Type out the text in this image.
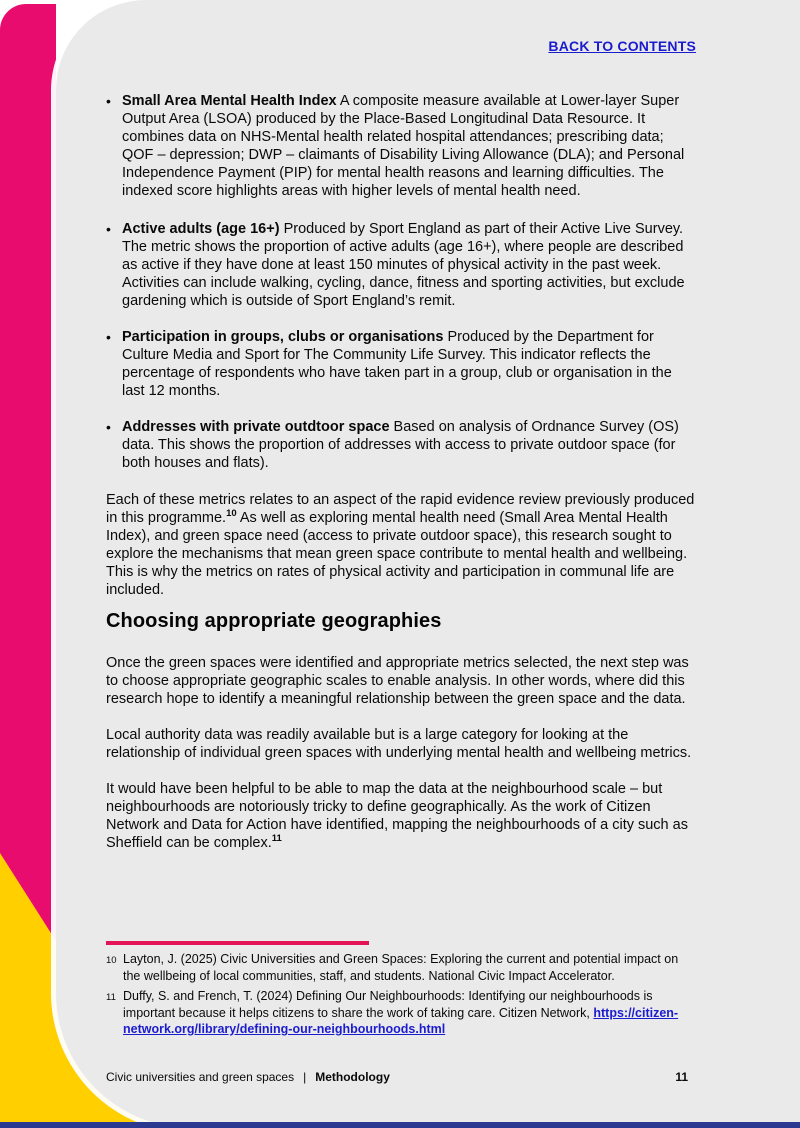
BACK TO CONTENTS
• Small Area Mental Health Index A composite measure available at Lower-layer Super Output Area (LSOA) produced by the Place-Based Longitudinal Data Resource. It combines data on NHS-Mental health related hospital attendances; prescribing data; QOF – depression; DWP – claimants of Disability Living Allowance (DLA); and Personal Independence Payment (PIP) for mental health reasons and learning difficulties. The indexed score highlights areas with higher levels of mental health need.
• Active adults (age 16+) Produced by Sport England as part of their Active Live Survey. The metric shows the proportion of active adults (age 16+), where people are described as active if they have done at least 150 minutes of physical activity in the past week. Activities can include walking, cycling, dance, fitness and sporting activities, but exclude gardening which is outside of Sport England’s remit.
• Participation in groups, clubs or organisations Produced by the Department for Culture Media and Sport for The Community Life Survey. This indicator reflects the percentage of respondents who have taken part in a group, club or organisation in the last 12 months.
• Addresses with private outdtoor space Based on analysis of Ordnance Survey (OS) data. This shows the proportion of addresses with access to private outdoor space (for both houses and flats).

Each of these metrics relates to an aspect of the rapid evidence review previously produced in this programme.$^{10}$ As well as exploring mental health need (Small Area Mental Health Index), and green space need (access to private outdoor space), this research sought to explore the mechanisms that mean green space contribute to mental health and wellbeing. This is why the metrics on rates of physical activity and participation in communal life are included.

Choosing appropriate geographies

Once the green spaces were identified and appropriate metrics selected, the next step was to choose appropriate geographic scales to enable analysis. In other words, where did this research hope to identify a meaningful relationship between the green space and the data.

Local authority data was readily available but is a large category for looking at the relationship of individual green spaces with underlying mental health and wellbeing metrics.

It would have been helpful to be able to map the data at the neighbourhood scale – but neighbourhoods are notoriously tricky to define geographically. As the work of Citizen Network and Data for Action have identified, mapping the neighbourhoods of a city such as Sheffield can be complex.$^{11}$

10 Layton, J. (2025) Civic Universities and Green Spaces: Exploring the current and potential impact on the wellbeing of local communities, staff, and students. National Civic Impact Accelerator.
11 Duffy, S. and French, T. (2024) Defining Our Neighbourhoods: Identifying our neighbourhoods is important because it helps citizens to share the work of taking care. Citizen Network, https://citizen-network.org/library/defining-our-neighbourhoods.html
Civic universities and green spaces | Methodology	11
